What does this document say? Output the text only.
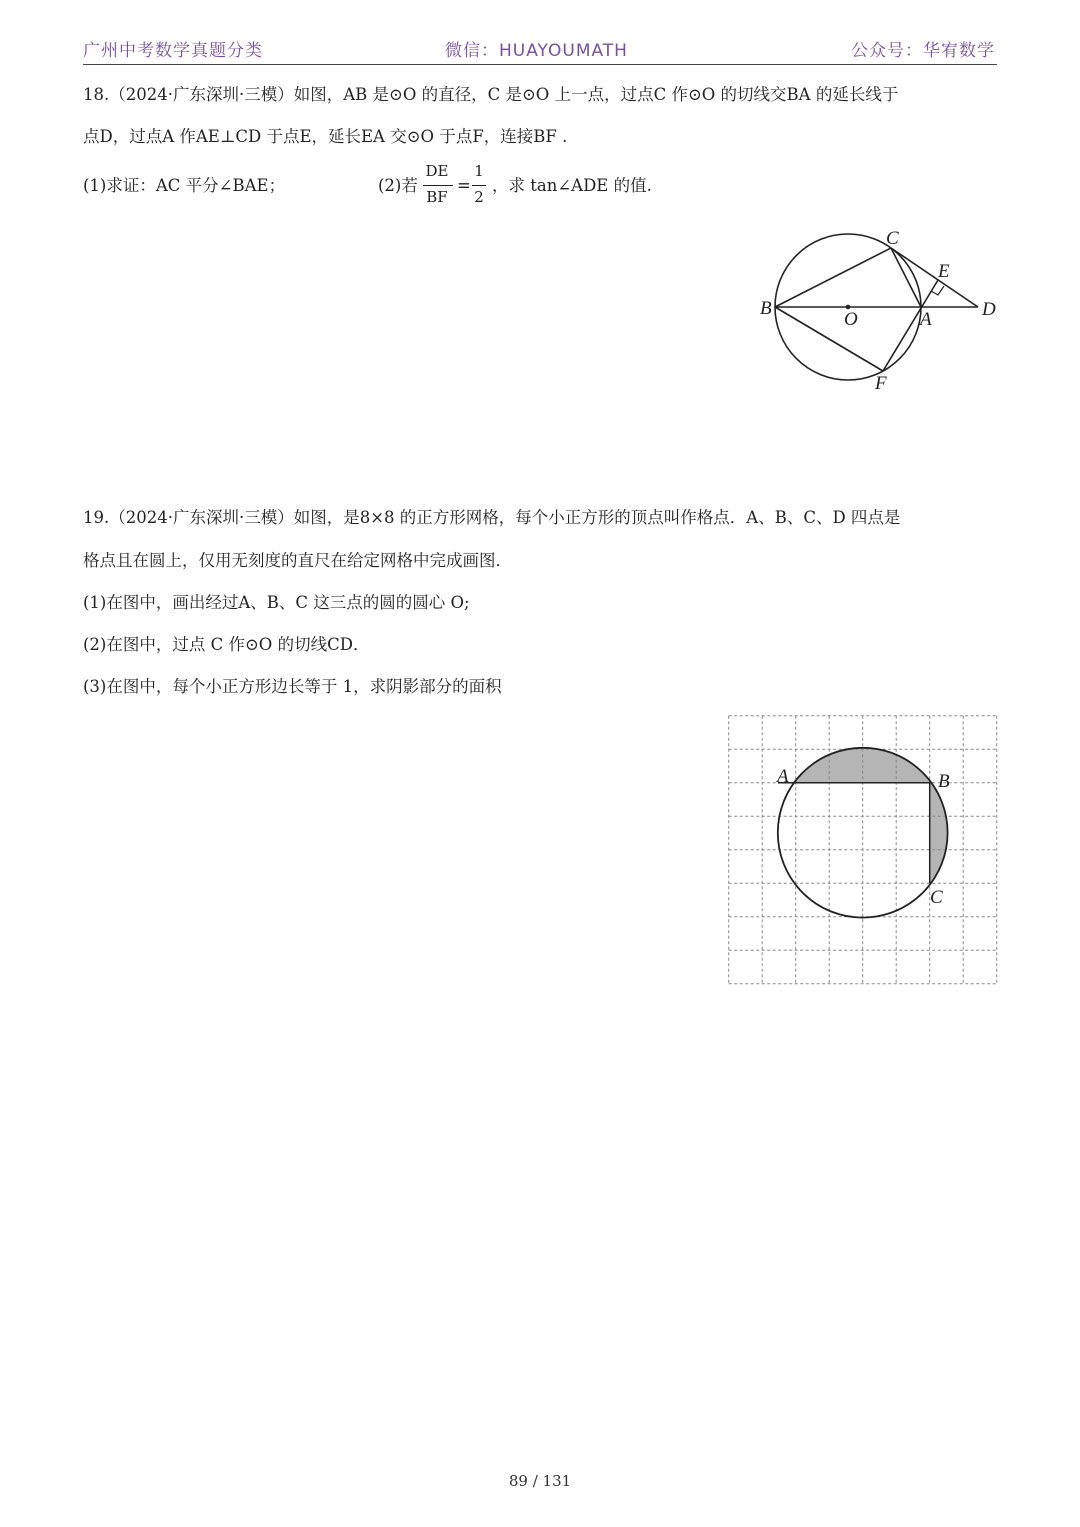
广州中考数学真题分类	微信：HUAYOUMATH	公众号：华宥数学
18.（2024·广东深圳·三模）如图，AB 是⊙O 的直径，C 是⊙O 上一点，过点C 作⊙O 的切线交BA 的延长线于
点D，过点A 作AE⊥CD 于点E，延长EA 交⊙O 于点F，连接BF .
(1)求证：AC 平分∠BAE；	(2)若
DE
BF
=
1
2
，求 tan∠ADE 的值.
B
O	A	D
C
E
F
19.（2024·广东深圳·三模）如图，是8×8 的正方形网格，每个小正方形的顶点叫作格点．A、B、C、D 四点是
格点且在圆上，仅用无刻度的直尺在给定网格中完成画图．
(1)在图中，画出经过A、B、C 这三点的圆的圆心 O;
(2)在图中，过点 C 作⊙O 的切线CD．
(3)在图中，每个小正方形边长等于 1，求阴影部分的面积
A	B
C
89 / 131
